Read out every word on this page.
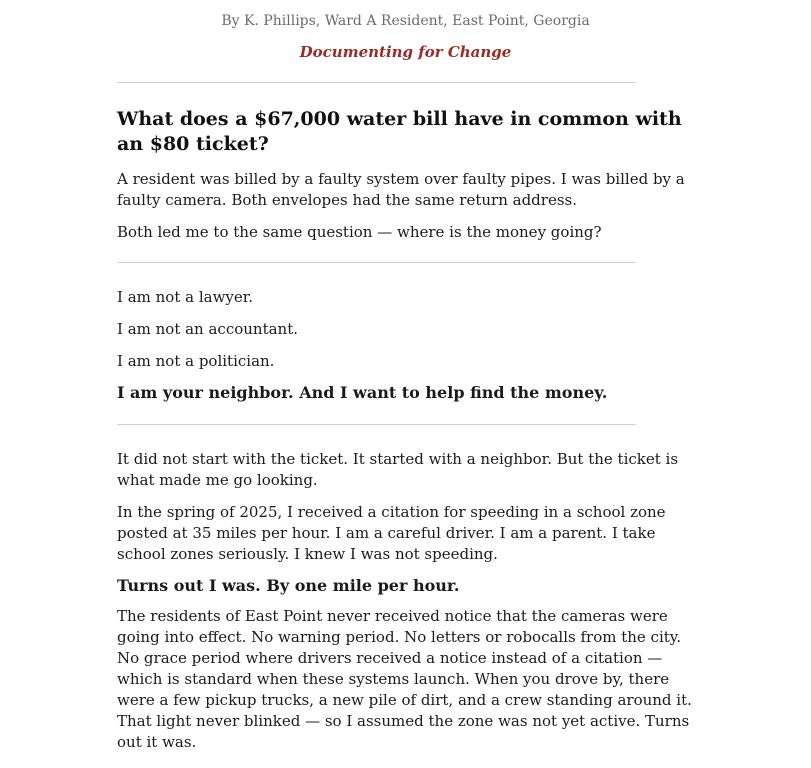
By K. Phillips, Ward A Resident, East Point, Georgia
Documenting for Change
What does a $67,000 water bill have in common with an $80 ticket?

A resident was billed by a faulty system over faulty pipes. I was billed by a faulty camera. Both envelopes had the same return address.

Both led me to the same question — where is the money going?

I am not a lawyer.

I am not an accountant.

I am not a politician.

I am your neighbor. And I want to help find the money.

It did not start with the ticket. It started with a neighbor. But the ticket is what made me go looking.

In the spring of 2025, I received a citation for speeding in a school zone posted at 35 miles per hour. I am a careful driver. I am a parent. I take school zones seriously. I knew I was not speeding.

Turns out I was. By one mile per hour.

The residents of East Point never received notice that the cameras were going into effect. No warning period. No letters or robocalls from the city. No grace period where drivers received a notice instead of a citation — which is standard when these systems launch. When you drove by, there were a few pickup trucks, a new pile of dirt, and a crew standing around it. That light never blinked — so I assumed the zone was not yet active. Turns out it was.
